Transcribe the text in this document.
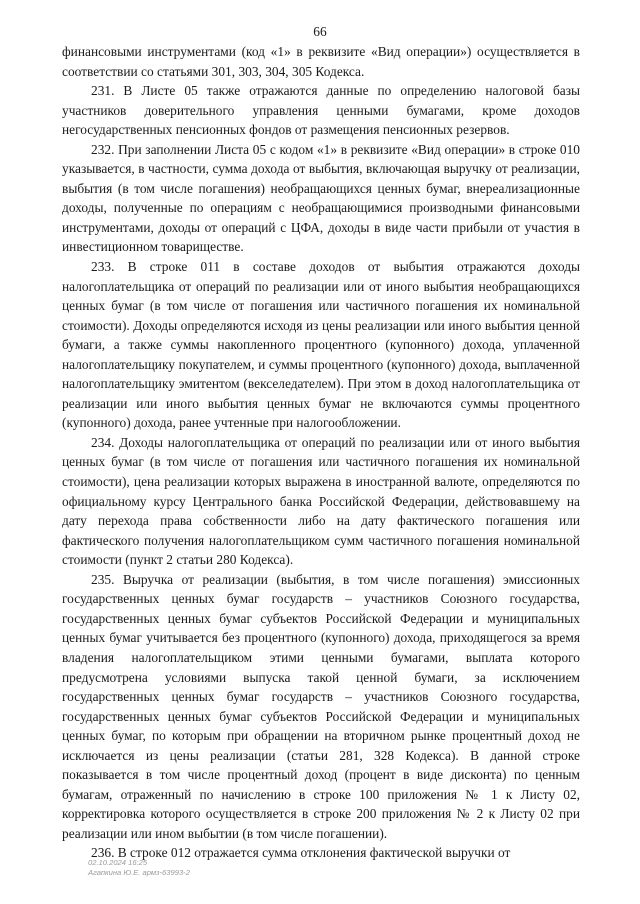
66

финансовыми инструментами (код «1» в реквизите «Вид операции») осуществляется в соответствии со статьями 301, 303, 304, 305 Кодекса.

231. В Листе 05 также отражаются данные по определению налоговой базы участников доверительного управления ценными бумагами, кроме доходов негосударственных пенсионных фондов от размещения пенсионных резервов.

232. При заполнении Листа 05 с кодом «1» в реквизите «Вид операции» в строке 010 указывается, в частности, сумма дохода от выбытия, включающая выручку от реализации, выбытия (в том числе погашения) необращающихся ценных бумаг, внереализационные доходы, полученные по операциям с необращающимися производными финансовыми инструментами, доходы от операций с ЦФА, доходы в виде части прибыли от участия в инвестиционном товариществе.

233. В строке 011 в составе доходов от выбытия отражаются доходы налогоплательщика от операций по реализации или от иного выбытия необращающихся ценных бумаг (в том числе от погашения или частичного погашения их номинальной стоимости). Доходы определяются исходя из цены реализации или иного выбытия ценной бумаги, а также суммы накопленного процентного (купонного) дохода, уплаченной налогоплательщику покупателем, и суммы процентного (купонного) дохода, выплаченной налогоплательщику эмитентом (векселедателем). При этом в доход налогоплательщика от реализации или иного выбытия ценных бумаг не включаются суммы процентного (купонного) дохода, ранее учтенные при налогообложении.

234. Доходы налогоплательщика от операций по реализации или от иного выбытия ценных бумаг (в том числе от погашения или частичного погашения их номинальной стоимости), цена реализации которых выражена в иностранной валюте, определяются по официальному курсу Центрального банка Российской Федерации, действовавшему на дату перехода права собственности либо на дату фактического погашения или фактического получения налогоплательщиком сумм частичного погашения номинальной стоимости (пункт 2 статьи 280 Кодекса).

235. Выручка от реализации (выбытия, в том числе погашения) эмиссионных государственных ценных бумаг государств – участников Союзного государства, государственных ценных бумаг субъектов Российской Федерации и муниципальных ценных бумаг учитывается без процентного (купонного) дохода, приходящегося за время владения налогоплательщиком этими ценными бумагами, выплата которого предусмотрена условиями выпуска такой ценной бумаги, за исключением государственных ценных бумаг государств – участников Союзного государства, государственных ценных бумаг субъектов Российской Федерации и муниципальных ценных бумаг, по которым при обращении на вторичном рынке процентный доход не исключается из цены реализации (статьи 281, 328 Кодекса). В данной строке показывается в том числе процентный доход (процент в виде дисконта) по ценным бумагам, отраженный по начислению в строке 100 приложения № 1 к Листу 02, корректировка которого осуществляется в строке 200 приложения № 2 к Листу 02 при реализации или ином выбытии (в том числе погашении).

236. В строке 012 отражается сумма отклонения фактической выручки от

02.10.2024 16:25
Агапкина Ю.Е. армз-63993-2
